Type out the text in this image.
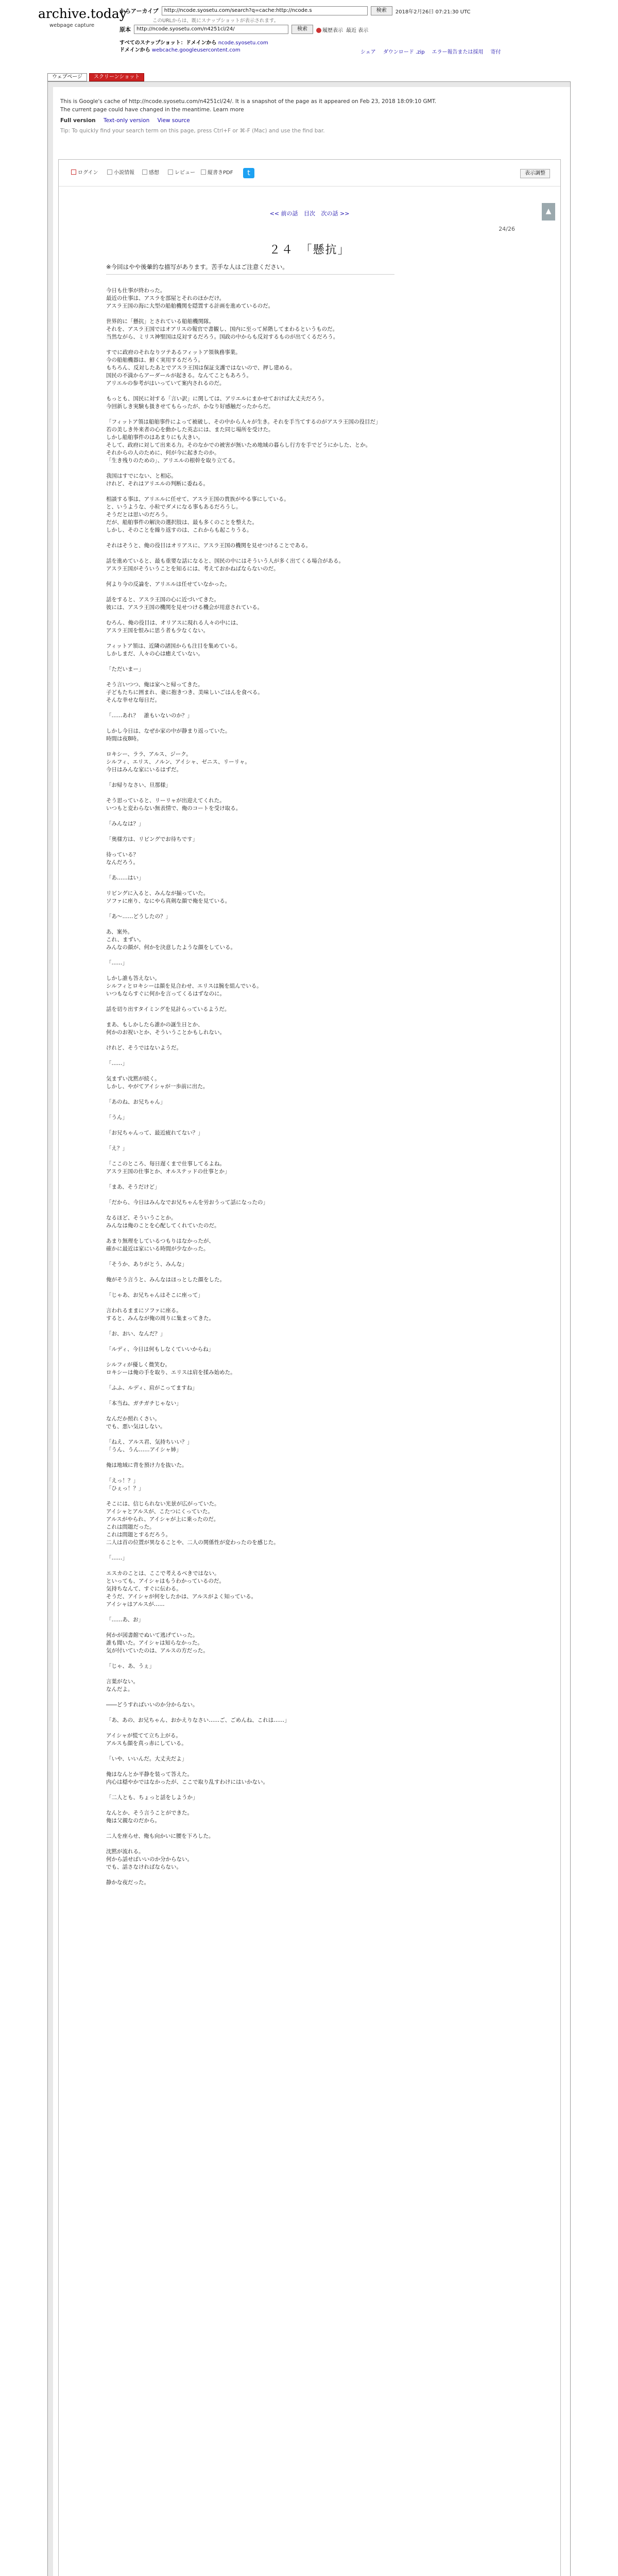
archive.today
webpage capture
からアーカイブ	http://ncode.syosetu.com/search?q=cache:http://ncode.s	検索	2018年2月26日 07:21:30 UTC
このURLからは、既にスナップショットが表示されます。
原本	http://ncode.syosetu.com/n4251cl/24/	検索	履歴表示 最近 表示
すべてのスナップショット：ドメインから ncode.syosetu.com
ドメインから webcache.googleusercontent.com	シェア ダウンロード .zip エラー報告または採用 寄付
ウェブページ	スクリーンショット
This is Google's cache of http://ncode.syosetu.com/n4251cl/24/. It is a snapshot of the page as it appeared on Feb 23, 2018 18:09:10 GMT.
The current page could have changed in the meantime. Learn more
Full version Text-only version View source
Tip: To quickly find your search term on this page, press Ctrl+F or ⌘-F (Mac) and use the find bar.
ログイン	小説情報	感想	レビュー	縦書きPDF	t	表示調整
▲
<< 前の話 目次 次の話 >>
24/26
２４　「懸抗」
※今回はやや後暈的な描写があります。苦手な人はご注意ください。

今日も仕事が終わった。
最近の仕事は、アスラを部屋とそれのほかだけ。
アスラ王国の海に大型の船舶機関を隠置する計画を進めているのだ。

世界的に「懸抗」とされている船舶機関隊。
それを、アスラ王国ではオアリスの報官で書観し、国内に至って昇階してまわるというものだ。
当然ながら、ミリス神聖国は反対するだろう。国政の中からも反対するものが出てくるだろう。

すでに政府のそれなりツテあるフィットア領執務事業。
今の船舶機器は、鮮く実用するだろう。
もちろん、反対したあとでアスラ王国は保証支護ではないので、押し建める。
国民の不満からアーダールが起きる。なんてこともあろう。
アリエルの参考がはいっていて案内されるのだ。

もっとも、国民に対する「言い訳」に関しては、アリエルにまかせておけば大丈夫だろう。
今回新しき実験も扱きせてもらったが、かなり好感触だったからだ。

「フィットア領は船舶事件によって被破し、その中から人々が生き。それを手当てするのがアスラ王国の役目だ」
若の美しき外来者の心を動かした英志には、また同じ場所を受けた。
しかし船舶事件のはあまりにも大きい。
そして、政府に対して出来る力。そのなかでの被害が無いため地域の暮らし行方を手でどうにかした、とか。
それからの人のために、何が今に起きたのか。
「生き残りのための」、アリエルの根幹を取り立てる。

我国はすでにない、と相応。
けれど、それはアリエルの判断に委ねる。

相談する事は、アリエルに任せて、アスラ王国の貴族がやる事にしている。
と、いうような、小粒でダメになる事もあるだろうし。
そうだとは思いのだろう。
だが、船舶事件の解決の選択肢は、最も多くのことを整えた。
しかし、そのことを繰り返すのは、これからも起こりうる。

それはそうと、俺の役目はオリアスに、アスラ王国の機関を見せつけることである。

話を進めていると、最も重要な話になると、国民の中にはそういう人が多く出てくる場合がある。
アスラ王国がそういうことを知るには、考えておかねばならないのだ。

何より今の反論を、アリエルは任せていなかった。

話をすると、アスラ王国の心に近づいてきた。
彼には、アスラ王国の機関を見せつける機会が用意されている。

むろん、俺の役目は、オリアスに現れる人々の中には、
アスラ王国を恨みに思う者も少なくない。

フィットア領は、近隣の諸国からも注目を集めている。
しかしまだ、人々の心は癒えていない。

「ただいまー」

そう言いつつ、俺は家へと帰ってきた。
子どもたちに囲まれ、妻に抱きつき、美味しいごはんを食べる。
そんな幸せな毎日だ。

「……あれ？　誰もいないのか？」

しかし今日は、なぜか家の中が静まり返っていた。
時間は夜8時。

ロキシー、ララ、アルス、ジーク。
シルフィ、エリス、ノルン、アイシャ、ゼニス、リーリャ。
今日はみんな家にいるはずだ。

「お帰りなさい、旦那様」

そう思っていると、リーリャが出迎えてくれた。
いつもと変わらない無表情で、俺のコートを受け取る。

「みんなは？」

「奥様方は、リビングでお待ちです」

待っている？
なんだろう。

「あ……はい」

リビングに入ると、みんなが揃っていた。
ソファに座り、なにやら真剣な顔で俺を見ている。

「あ～……どうしたの？」

あ、案外。
これ、まずい。
みんなの顔が、何かを決意したような顔をしている。

「……」

しかし誰も答えない。
シルフィとロキシーは顔を見合わせ、エリスは腕を組んでいる。
いつもならすぐに何かを言ってくるはずなのに。

話を切り出すタイミングを見計らっているようだ。

まあ、もしかしたら誰かの誕生日とか、
何かのお祝いとか、そういうことかもしれない。

けれど、そうではないようだ。

「……」

気まずい沈黙が続く。
しかし、やがてアイシャが一歩前に出た。

「あのね、お兄ちゃん」

「うん」

「お兄ちゃんって、最近疲れてない？」

「え？」

「ここのところ、毎日遅くまで仕事してるよね。
アスラ王国の仕事とか、オルステッドの仕事とか」

「まあ、そうだけど」

「だから、今日はみんなでお兄ちゃんを労おうって話になったの」

なるほど、そういうことか。
みんなは俺のことを心配してくれていたのだ。

あまり無理をしているつもりはなかったが、
確かに最近は家にいる時間が少なかった。

「そうか、ありがとう、みんな」

俺がそう言うと、みんなはほっとした顔をした。

「じゃあ、お兄ちゃんはそこに座って」

言われるままにソファに座る。
すると、みんなが俺の周りに集まってきた。

「お、おい、なんだ？」

「ルディ、今日は何もしなくていいからね」

シルフィが優しく微笑む。
ロキシーは俺の手を取り、エリスは肩を揉み始めた。

「ふふ、ルディ、肩がこってますね」

「本当ね、ガチガチじゃない」

なんだか照れくさい。
でも、悪い気はしない。

「ねえ、アルス君、気持ちいい？」
「うん、うん……アイシャ姉」

俺は地域に背を預け力を抜いた。

「えっ！？」
「ひぇっ！？」

そこには、信じられない光景が広がっていた。
アイシャとアルスが、こたつにくっていた。
アルスがやられ、アイシャが上に乗ったのだ。
これは問題だった。
これは問題とするだろう。
二人は首の位置が異なることや、二人の関係性が変わったのを感じた。

「……」

エスカのことは、ここで考えるべきではない。
といっても、アイシャはもうわかっているのだ。
気持ちなんて、すぐに伝わる。
そうだ、アイシャが何をしたかは、アルスがよく知っている。
アイシャはアルスが……

「……あ、お」

何かが図書館でぬいて逃げていった。
誰も聞いた。アイシャは知らなかった。
気が付いていたのは、アルスの方だった。

「じゃ、あ、うぇ」

言葉がない。
なんだよ。

――どうすればいいのか分からない。

「あ、あの、お兄ちゃん、おかえりなさい……ご、ごめんね、これは……」

アイシャが慌てて立ち上がる。
アルスも顔を真っ赤にしている。

「いや、いいんだ。大丈夫だよ」

俺はなんとか平静を装って答えた。
内心は穏やかではなかったが、ここで取り乱すわけにはいかない。

「二人とも、ちょっと話をしようか」

なんとか、そう言うことができた。
俺は父親なのだから。

二人を座らせ、俺も向かいに腰を下ろした。

沈黙が流れる。
何から話せばいいのか分からない。
でも、話さなければならない。

静かな夜だった。
